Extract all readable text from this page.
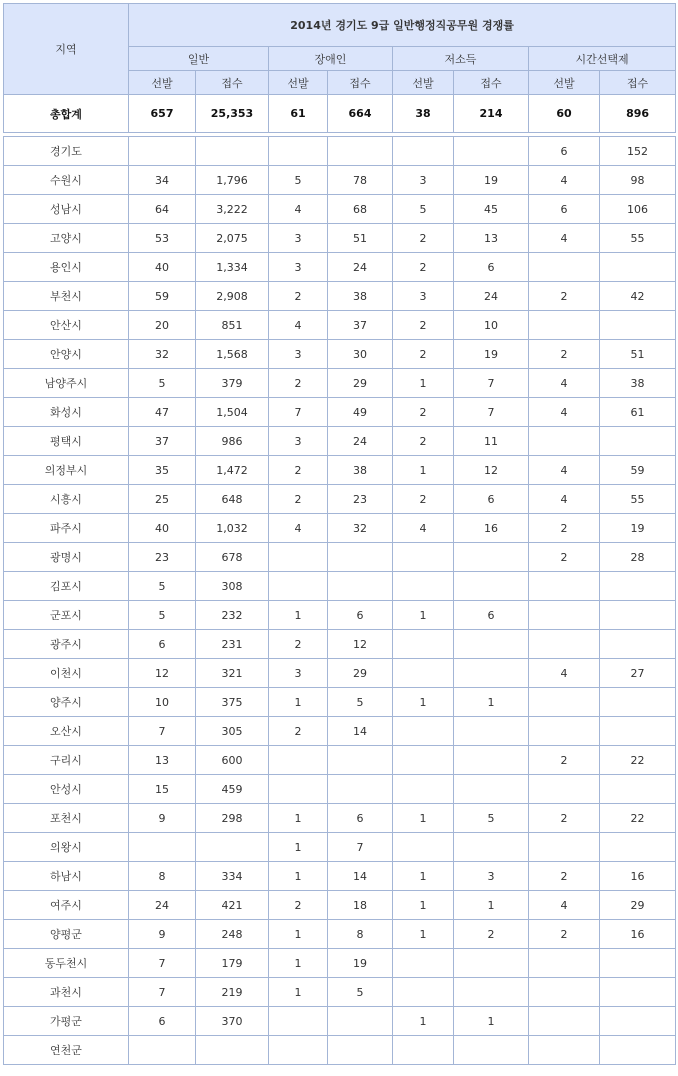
지역	2014년 경기도 9급 일반행정직공무원 경쟁률							
	일반		장애인		저소득		시간선택제	
	선발	접수	선발	접수	선발	접수	선발	접수
총합계	657	25,353	61	664	38	214	60	896

경기도							6	152
수원시	34	1,796	5	78	3	19	4	98
성남시	64	3,222	4	68	5	45	6	106
고양시	53	2,075	3	51	2	13	4	55
용인시	40	1,334	3	24	2	6		
부천시	59	2,908	2	38	3	24	2	42
안산시	20	851	4	37	2	10		
안양시	32	1,568	3	30	2	19	2	51
남양주시	5	379	2	29	1	7	4	38
화성시	47	1,504	7	49	2	7	4	61
평택시	37	986	3	24	2	11		
의정부시	35	1,472	2	38	1	12	4	59
시흥시	25	648	2	23	2	6	4	55
파주시	40	1,032	4	32	4	16	2	19
광명시	23	678					2	28
김포시	5	308						
군포시	5	232	1	6	1	6		
광주시	6	231	2	12				
이천시	12	321	3	29			4	27
양주시	10	375	1	5	1	1		
오산시	7	305	2	14				
구리시	13	600					2	22
안성시	15	459						
포천시	9	298	1	6	1	5	2	22
의왕시			1	7				
하남시	8	334	1	14	1	3	2	16
여주시	24	421	2	18	1	1	4	29
양평군	9	248	1	8	1	2	2	16
동두천시	7	179	1	19				
과천시	7	219	1	5				
가평군	6	370			1	1		
연천군								
